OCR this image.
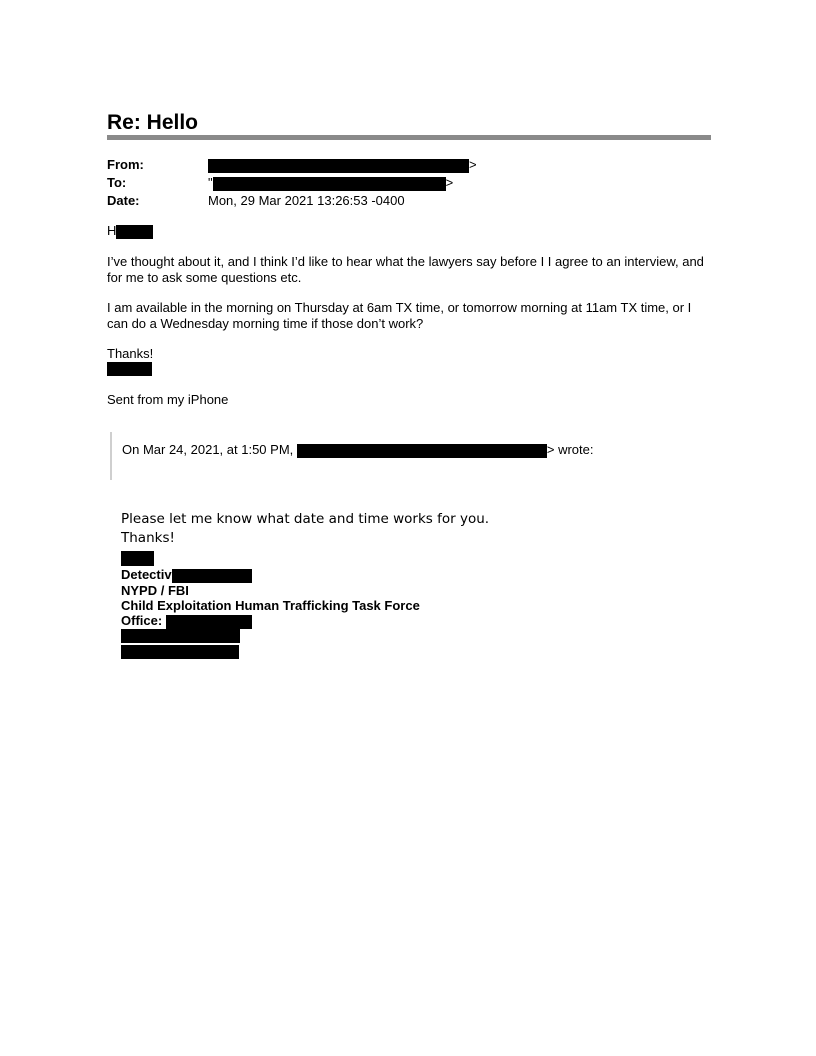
Re: Hello
From:	>
To:	"	>
Date:	Mon, 29 Mar 2021 13:26:53 -0400
H

I’ve thought about it, and I think I’d like to hear what the lawyers say before I I agree to an interview, and for me to ask some questions etc.

I am available in the morning on Thursday at 6am TX time, or tomorrow morning at 11am TX time, or I can do a Wednesday morning time if those don’t work?

Thanks!

Sent from my iPhone

On Mar 24, 2021, at 1:50 PM,	> wrote:
Please let me know what date and time works for you.
Thanks!
Detectiv
NYPD / FBI
Child Exploitation Human Trafficking Task Force
Office:
